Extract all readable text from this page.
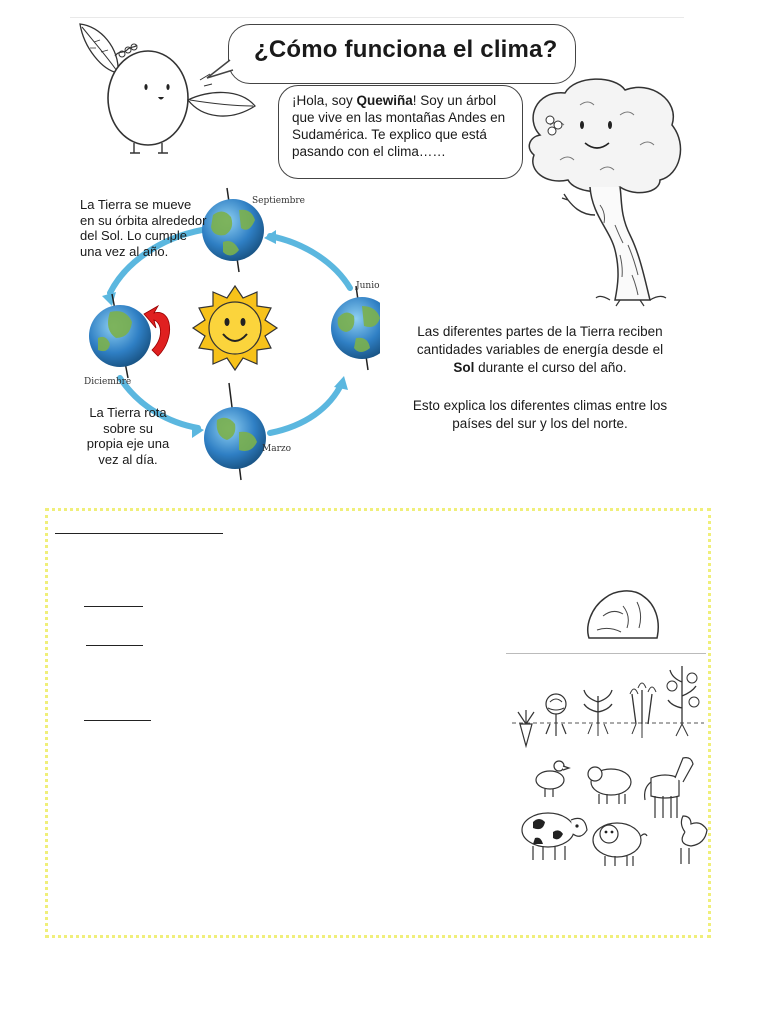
¿Cómo funciona el clima?
¡Hola, soy Quewiña! Soy un árbol que vive en las montañas Andes en Sudamérica. Te explico que está pasando con el clima……
La Tierra se mueve
en su órbita alrededor
del Sol. Lo cumple
una vez al año.
La Tierra rota
sobre su
propia eje una
vez al día.
Septiembre
Junio
Diciembre
Marzo
Las diferentes partes de la Tierra reciben
cantidades variables de energía desde el
Sol durante el curso del año.
Esto explica los diferentes climas entre los
países del sur y los del norte.
